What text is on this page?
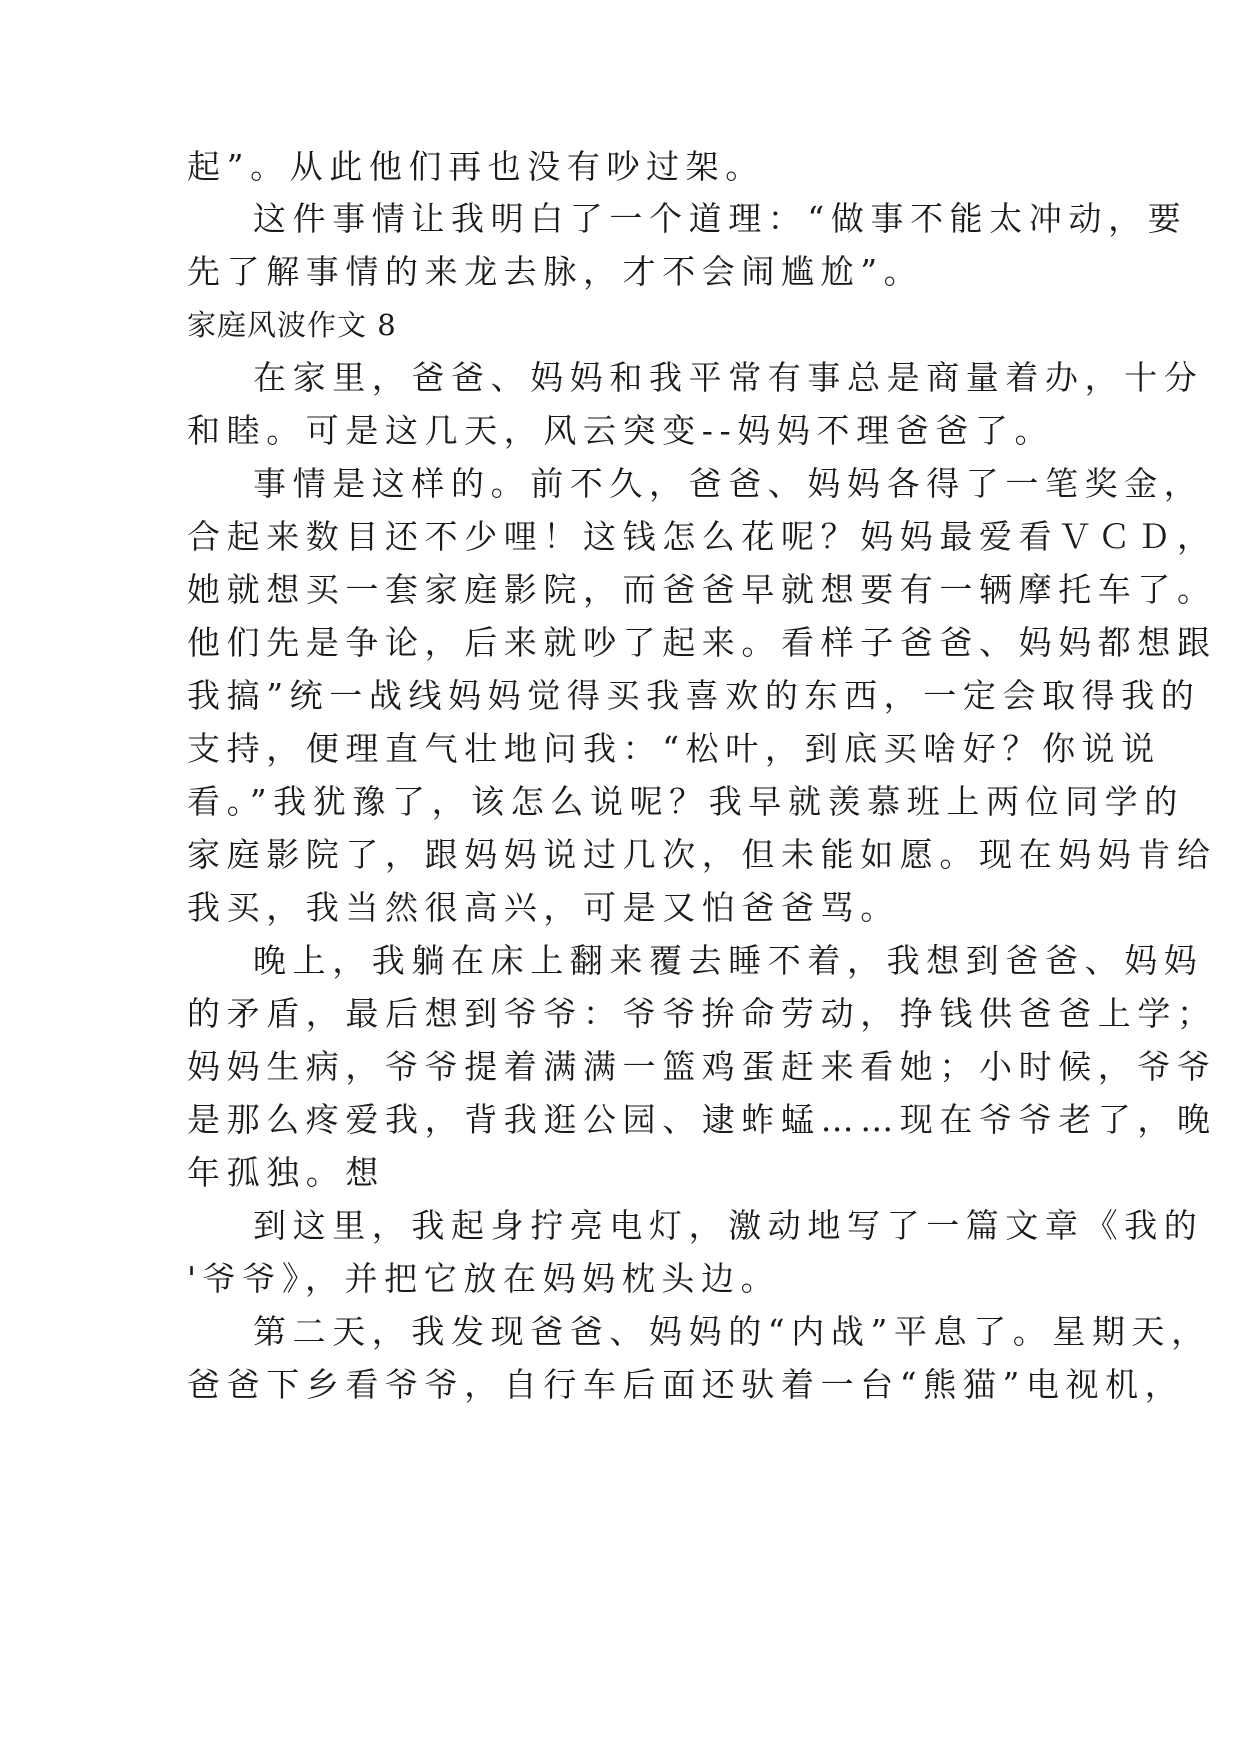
起”。从此他们再也没有吵过架。
这件事情让我明白了一个道理：“做事不能太冲动，要
先了解事情的来龙去脉，才不会闹尴尬”。
家庭风波作文 8
在家里，爸爸、妈妈和我平常有事总是商量着办，十分
和睦。可是这几天，风云突变--妈妈不理爸爸了。
事情是这样的。前不久，爸爸、妈妈各得了一笔奖金，
合起来数目还不少哩！这钱怎么花呢？妈妈最爱看ＶＣＤ，
她就想买一套家庭影院，而爸爸早就想要有一辆摩托车了。
他们先是争论，后来就吵了起来。看样子爸爸、妈妈都想跟
我搞”统一战线妈妈觉得买我喜欢的东西，一定会取得我的
支持，便理直气壮地问我：“松叶，到底买啥好？你说说
看。”我犹豫了，该怎么说呢？我早就羡慕班上两位同学的
家庭影院了，跟妈妈说过几次，但未能如愿。现在妈妈肯给
我买，我当然很高兴，可是又怕爸爸骂。
晚上，我躺在床上翻来覆去睡不着，我想到爸爸、妈妈
的矛盾，最后想到爷爷：爷爷拚命劳动，挣钱供爸爸上学；
妈妈生病，爷爷提着满满一篮鸡蛋赶来看她；小时候，爷爷
是那么疼爱我，背我逛公园、逮蚱蜢……现在爷爷老了，晚
年孤独。想
到这里，我起身拧亮电灯，激动地写了一篇文章《我的
'爷爷》，并把它放在妈妈枕头边。
第二天，我发现爸爸、妈妈的“内战”平息了。星期天，
爸爸下乡看爷爷，自行车后面还驮着一台“熊猫”电视机，
